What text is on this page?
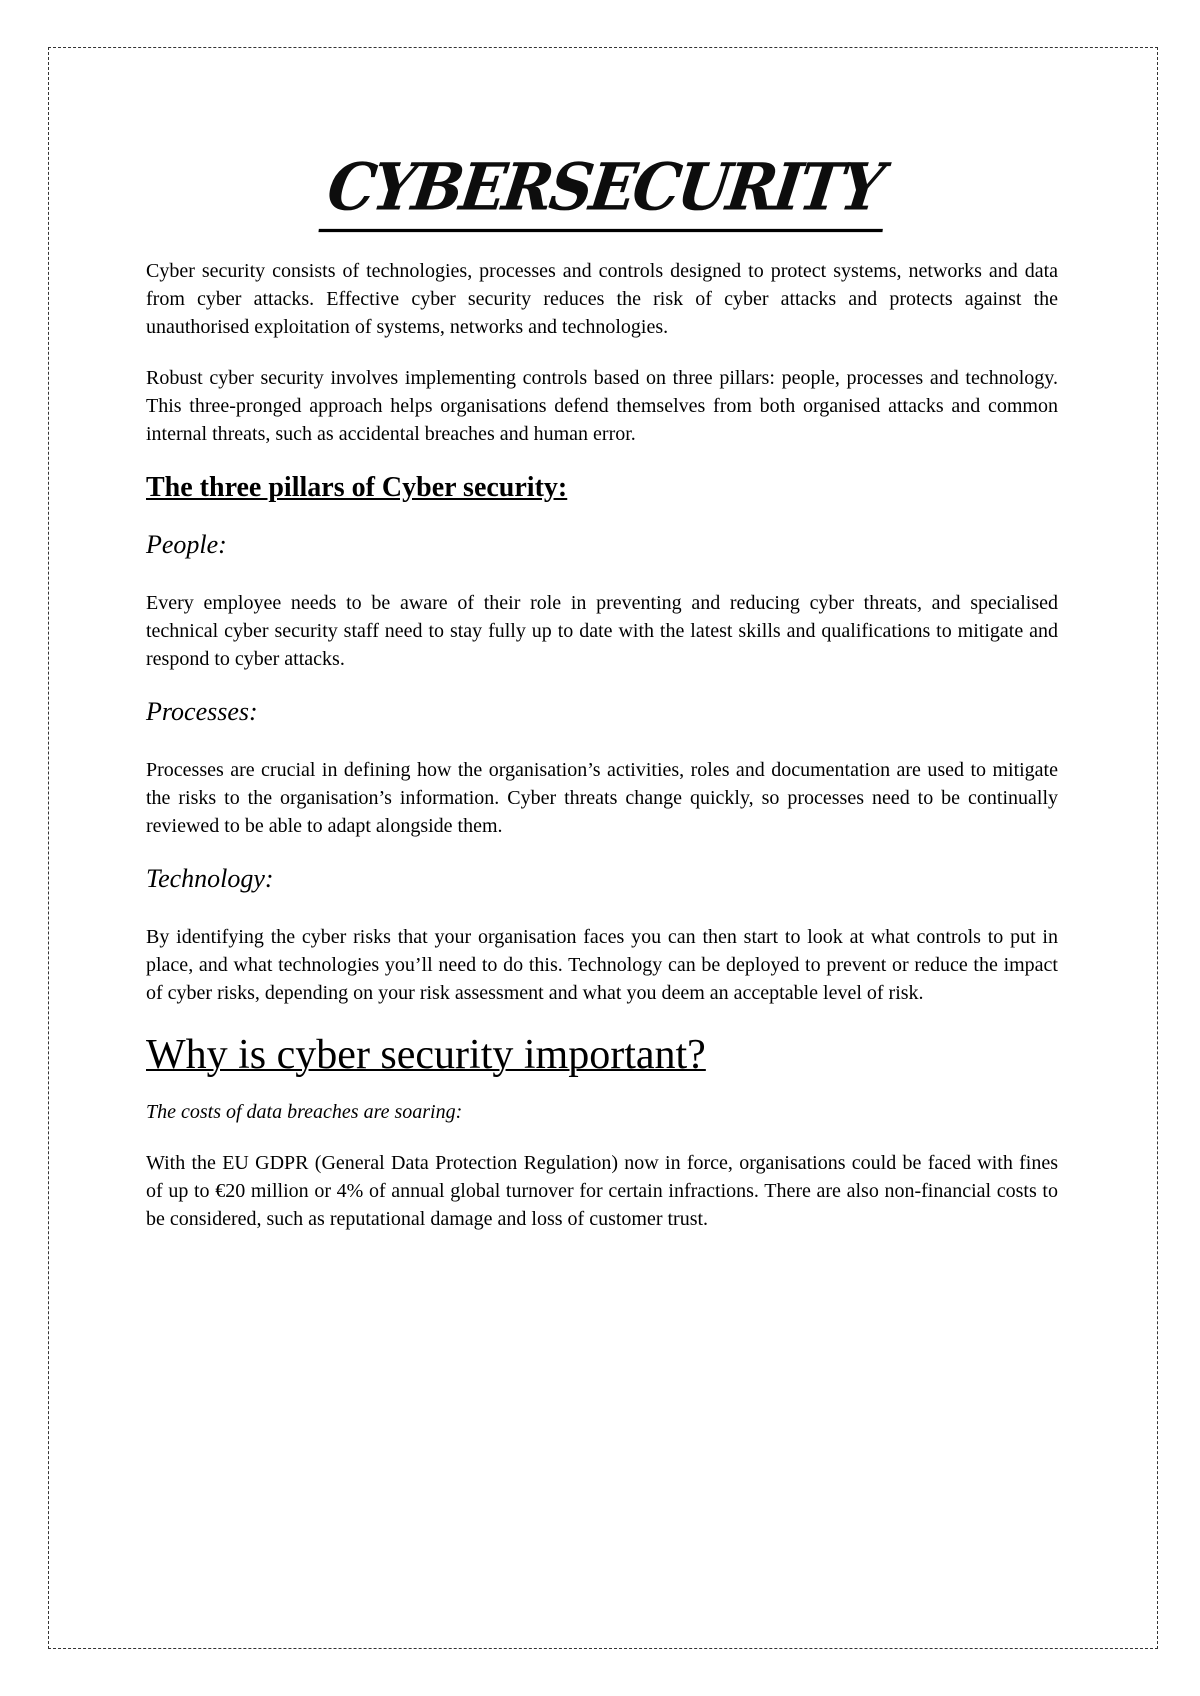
CYBERSECURITY

Cyber security consists of technologies, processes and controls designed to protect systems, networks and data from cyber attacks. Effective cyber security reduces the risk of cyber attacks and protects against the unauthorised exploitation of systems, networks and technologies.

Robust cyber security involves implementing controls based on three pillars: people, processes and technology. This three-pronged approach helps organisations defend themselves from both organised attacks and common internal threats, such as accidental breaches and human error.

The three pillars of Cyber security:
People:

Every employee needs to be aware of their role in preventing and reducing cyber threats, and specialised technical cyber security staff need to stay fully up to date with the latest skills and qualifications to mitigate and respond to cyber attacks.

Processes:

Processes are crucial in defining how the organisation’s activities, roles and documentation are used to mitigate the risks to the organisation’s information. Cyber threats change quickly, so processes need to be continually reviewed to be able to adapt alongside them.

Technology:

By identifying the cyber risks that your organisation faces you can then start to look at what controls to put in place, and what technologies you’ll need to do this. Technology can be deployed to prevent or reduce the impact of cyber risks, depending on your risk assessment and what you deem an acceptable level of risk.

Why is cyber security important?
The costs of data breaches are soaring:

With the EU GDPR (General Data Protection Regulation) now in force, organisations could be faced with fines of up to €20 million or 4% of annual global turnover for certain infractions. There are also non-financial costs to be considered, such as reputational damage and loss of customer trust.
